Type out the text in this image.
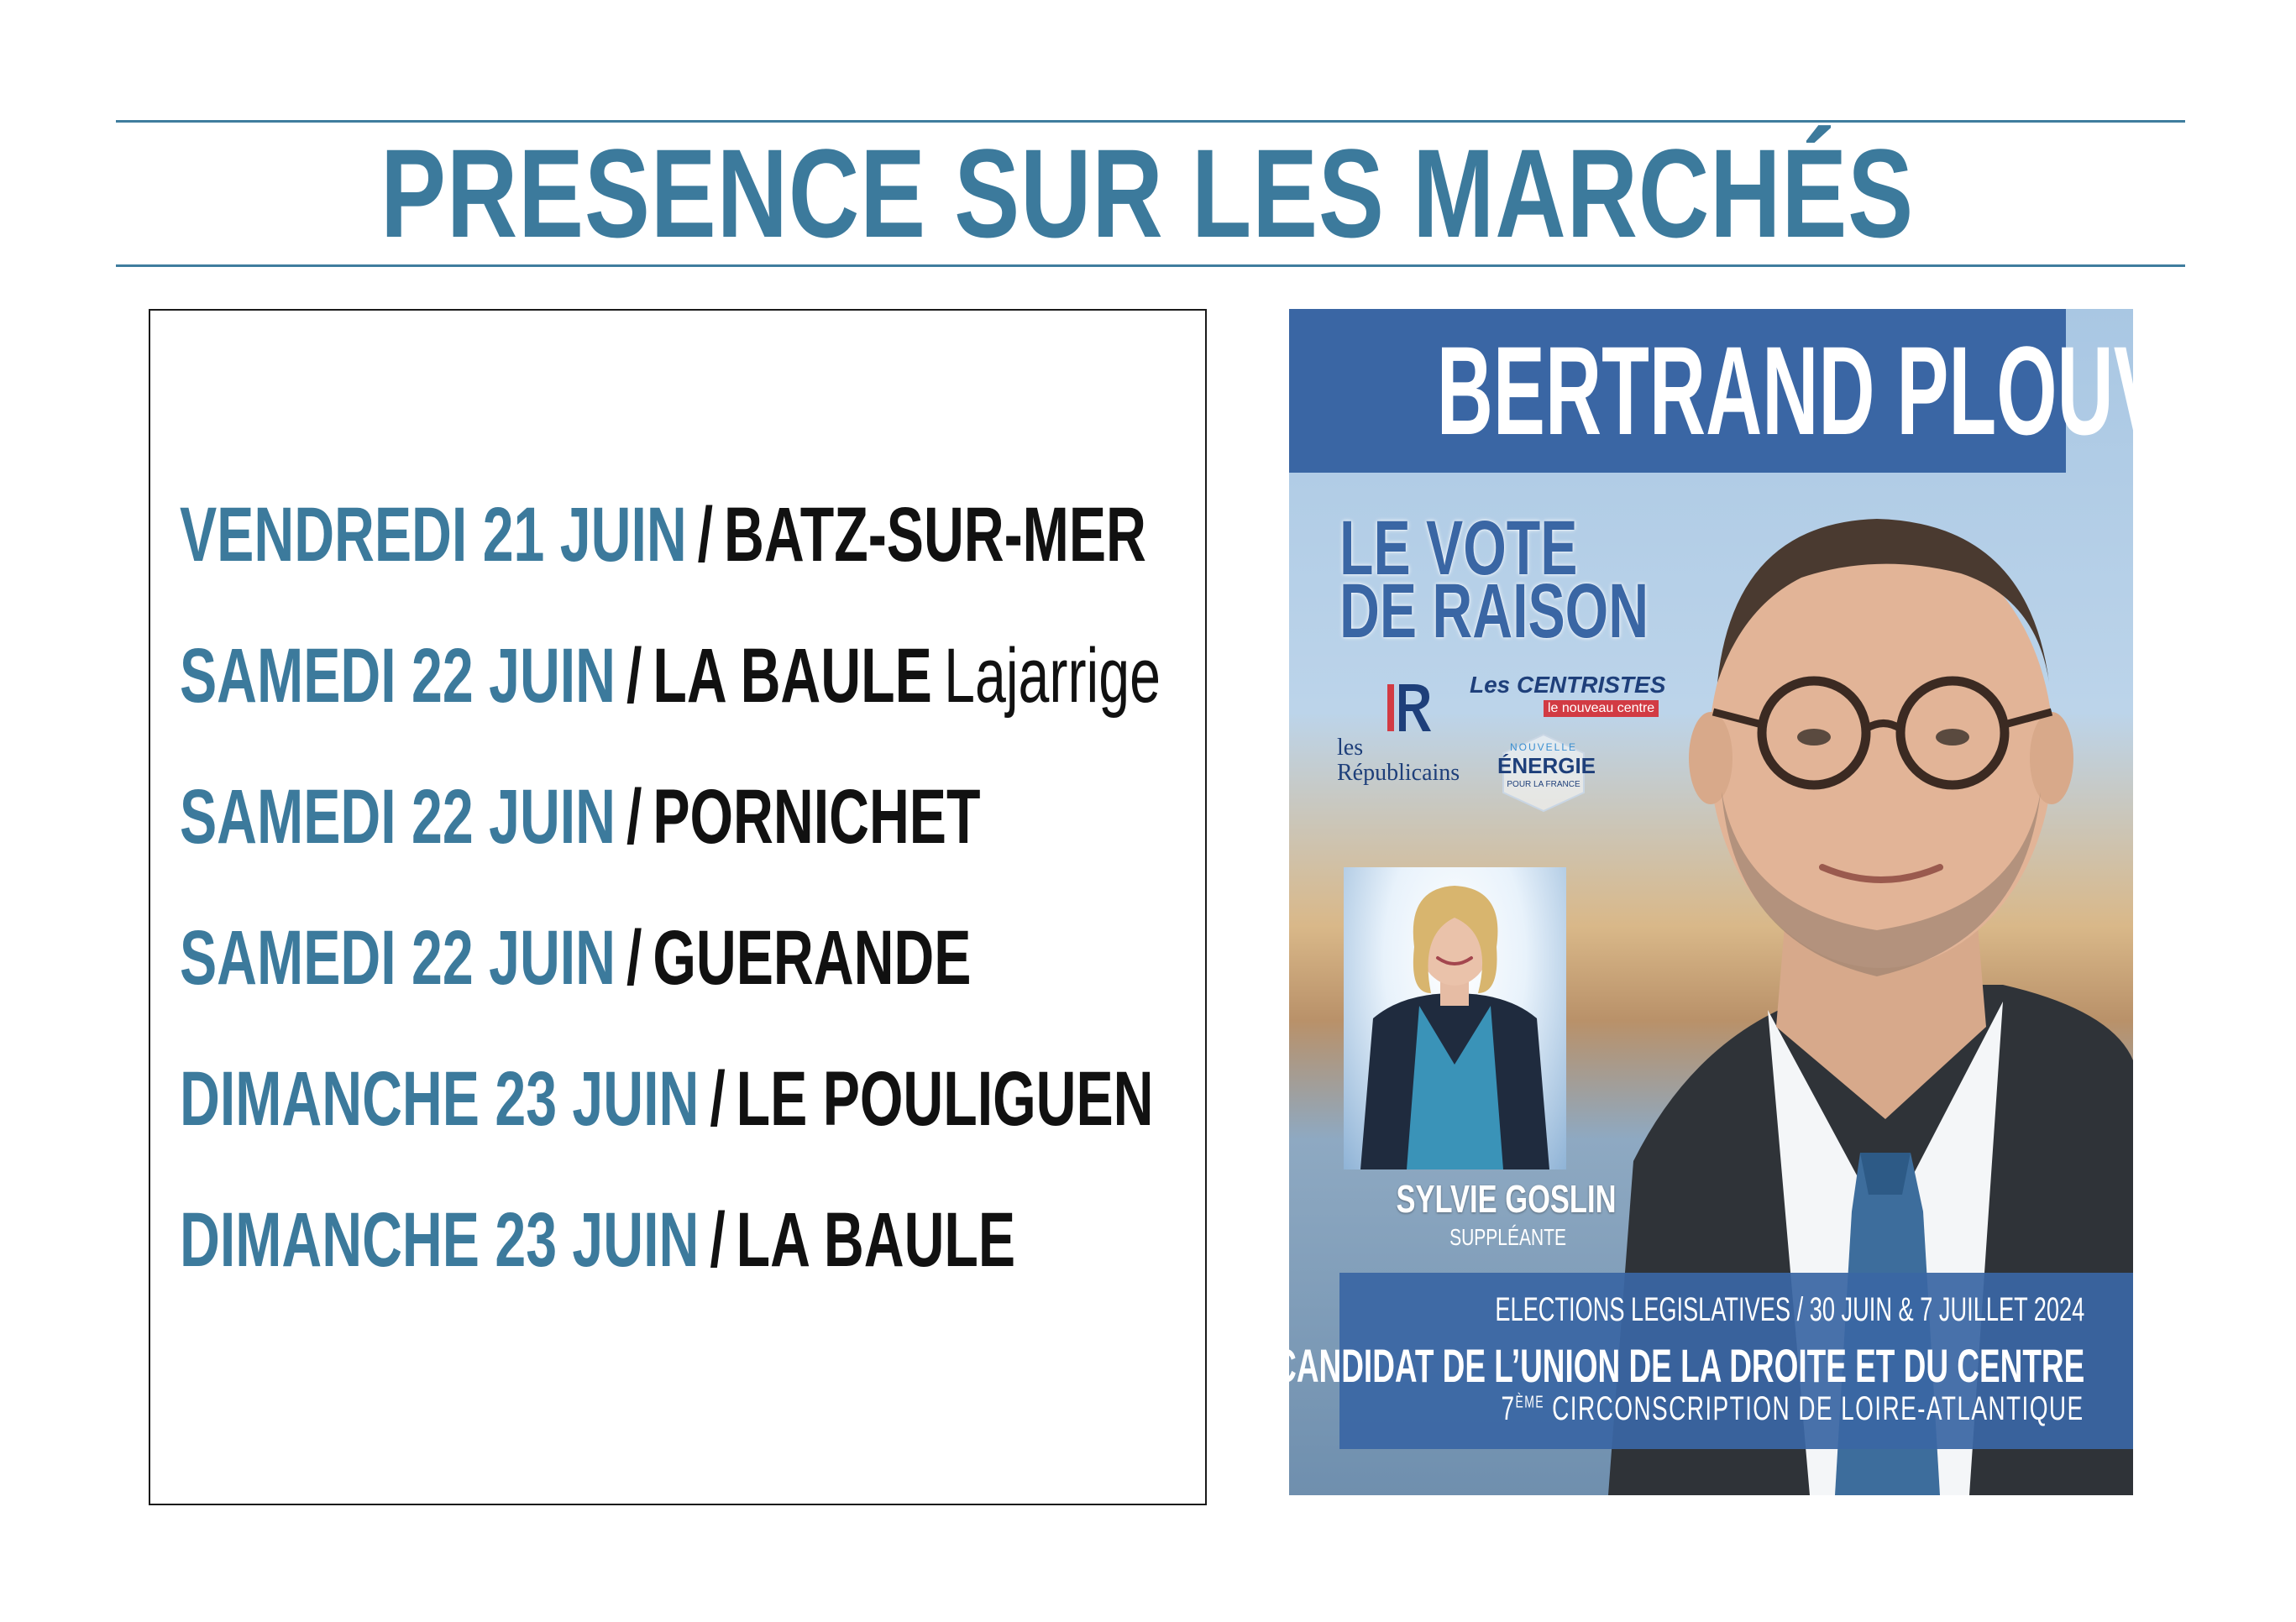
PRESENCE SUR LES MARCHÉS
VENDREDI 21 JUIN / BATZ-SUR-MER
SAMEDI 22 JUIN / LA BAULE Lajarrige
SAMEDI 22 JUIN / PORNICHET
SAMEDI 22 JUIN / GUERANDE
DIMANCHE 23 JUIN / LE POULIGUEN
DIMANCHE 23 JUIN / LA BAULE
BERTRAND PLOUVIER
LE VOTE
DE RAISON
les
Républicains
Les CENTRISTES
le nouveau centre
NOUVELLE
ÉNERGIE
POUR LA FRANCE
SYLVIE GOSLIN
SUPPLÉANTE
ELECTIONS LEGISLATIVES / 30 JUIN & 7 JUILLET 2024
CANDIDAT DE L’UNION DE LA DROITE ET DU CENTRE
7ÈME CIRCONSCRIPTION DE LOIRE-ATLANTIQUE
